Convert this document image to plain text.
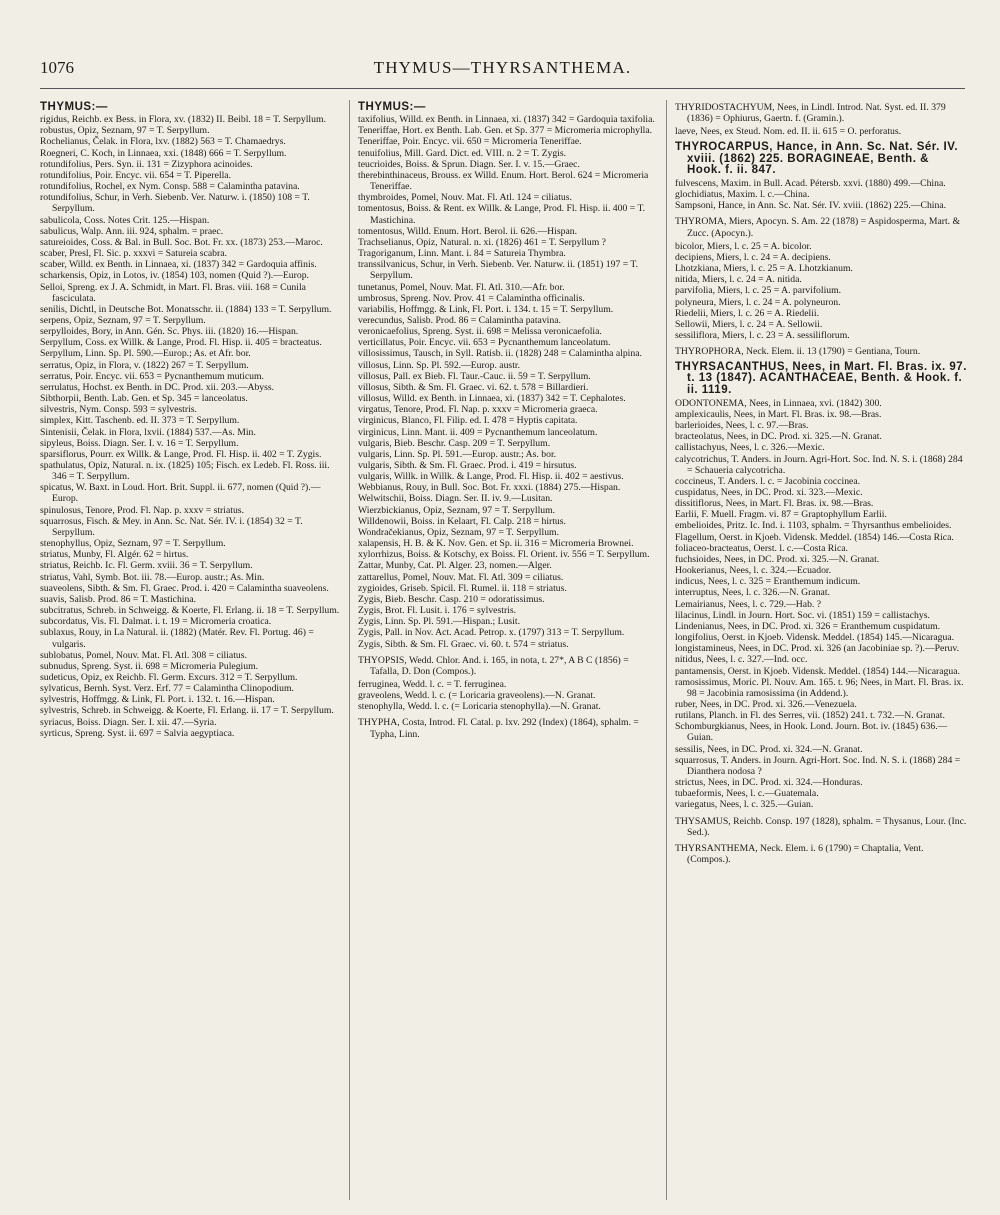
1076	THYMUS—THYRSANTHEMA.
THYMUS:—

rigidus, Reichb. ex Bess. in Flora, xv. (1832) II. Beibl. 18 = T. Serpyllum.

robustus, Opiz, Seznam, 97 = T. Serpyllum.

Rochelianus, Čelak. in Flora, lxv. (1882) 563 = T. Chamaedrys.

Roegneri, C. Koch, in Linnaea, xxi. (1848) 666 = T. Serpyllum.

rotundifolius, Pers. Syn. ii. 131 = Zizyphora acinoides.

rotundifolius, Poir. Encyc. vii. 654 = T. Piperella.

rotundifolius, Rochel, ex Nym. Consp. 588 = Calamintha patavina.

rotundifolius, Schur, in Verh. Siebenb. Ver. Naturw. i. (1850) 108 = T. Serpyllum.

sabulicola, Coss. Notes Crit. 125.—Hispan.

sabulicus, Walp. Ann. iii. 924, sphalm. = praec.

satureioides, Coss. & Bal. in Bull. Soc. Bot. Fr. xx. (1873) 253.—Maroc.

scaber, Presl, Fl. Sic. p. xxxvi = Satureia scabra.

scaber, Willd. ex Benth. in Linnaea, xi. (1837) 342 = Gardoquia affinis.

scharkensis, Opiz, in Lotos, iv. (1854) 103, nomen (Quid ?).—Europ.

Selloi, Spreng. ex J. A. Schmidt, in Mart. Fl. Bras. viii. 168 = Cunila fasciculata.

senilis, Dichtl, in Deutsche Bot. Monatsschr. ii. (1884) 133 = T. Serpyllum.

serpens, Opiz, Seznam, 97 = T. Serpyllum.

serpylloides, Bory, in Ann. Gén. Sc. Phys. iii. (1820) 16.—Hispan.

Serpyllum, Coss. ex Willk. & Lange, Prod. Fl. Hisp. ii. 405 = bracteatus.

Serpyllum, Linn. Sp. Pl. 590.—Europ.; As. et Afr. bor.

serratus, Opiz, in Flora, v. (1822) 267 = T. Serpyllum.

serratus, Poir. Encyc. vii. 653 = Pycnanthemum muticum.

serrulatus, Hochst. ex Benth. in DC. Prod. xii. 203.—Abyss.

Sibthorpii, Benth. Lab. Gen. et Sp. 345 = lanceolatus.

silvestris, Nym. Consp. 593 = sylvestris.

simplex, Kitt. Taschenb. ed. II. 373 = T. Serpyllum.

Sintenisii, Čelak. in Flora, lxvii. (1884) 537.—As. Min.

sipyleus, Boiss. Diagn. Ser. I. v. 16 = T. Serpyllum.

sparsiflorus, Pourr. ex Willk. & Lange, Prod. Fl. Hisp. ii. 402 = T. Zygis.

spathulatus, Opiz, Natural. n. ix. (1825) 105; Fisch. ex Ledeb. Fl. Ross. iii. 346 = T. Serpyllum.

spicatus, W. Baxt. in Loud. Hort. Brit. Suppl. ii. 677, nomen (Quid ?).—Europ.

spinulosus, Tenore, Prod. Fl. Nap. p. xxxv = striatus.

squarrosus, Fisch. & Mey. in Ann. Sc. Nat. Sér. IV. i. (1854) 32 = T. Serpyllum.

stenophyllus, Opiz, Seznam, 97 = T. Serpyllum.

striatus, Munby, Fl. Algér. 62 = hirtus.

striatus, Reichb. Ic. Fl. Germ. xviii. 36 = T. Serpyllum.

striatus, Vahl, Symb. Bot. iii. 78.—Europ. austr.; As. Min.

suaveolens, Sibth. & Sm. Fl. Graec. Prod. i. 420 = Calamintha suaveolens.

suavis, Salisb. Prod. 86 = T. Mastichina.

subcitratus, Schreb. in Schweigg. & Koerte, Fl. Erlang. ii. 18 = T. Serpyllum.

subcordatus, Vis. Fl. Dalmat. i. t. 19 = Micromeria croatica.

sublaxus, Rouy, in La Natural. ii. (1882) (Matér. Rev. Fl. Portug. 46) = vulgaris.

sublobatus, Pomel, Nouv. Mat. Fl. Atl. 308 = ciliatus.

subnudus, Spreng. Syst. ii. 698 = Micromeria Pulegium.

sudeticus, Opiz, ex Reichb. Fl. Germ. Excurs. 312 = T. Serpyllum.

sylvaticus, Bernh. Syst. Verz. Erf. 77 = Calamintha Clinopodium.

sylvestris, Hoffmgg. & Link, Fl. Port. i. 132. t. 16.—Hispan.

sylvestris, Schreb. in Schweigg. & Koerte, Fl. Erlang. ii. 17 = T. Serpyllum.

syriacus, Boiss. Diagn. Ser. I. xii. 47.—Syria.

syrticus, Spreng. Syst. ii. 697 = Salvia aegyptiaca.

THYMUS:—

taxifolius, Willd. ex Benth. in Linnaea, xi. (1837) 342 = Gardoquia taxifolia.

Teneriffae, Hort. ex Benth. Lab. Gen. et Sp. 377 = Micromeria microphylla.

Teneriffae, Poir. Encyc. vii. 650 = Micromeria Teneriffae.

tenuifolius, Mill. Gard. Dict. ed. VIII. n. 2 = T. Zygis.

teucrioides, Boiss. & Sprun. Diagn. Ser. I. v. 15.—Graec.

therebinthinaceus, Brouss. ex Willd. Enum. Hort. Berol. 624 = Micromeria Teneriffae.

thymbroides, Pomel, Nouv. Mat. Fl. Atl. 124 = ciliatus.

tomentosus, Boiss. & Rent. ex Willk. & Lange, Prod. Fl. Hisp. ii. 400 = T. Mastichina.

tomentosus, Willd. Enum. Hort. Berol. ii. 626.—Hispan.

Trachselianus, Opiz, Natural. n. xi. (1826) 461 = T. Serpyllum ?

Tragoriganum, Linn. Mant. i. 84 = Satureia Thymbra.

transsilvanicus, Schur, in Verh. Siebenb. Ver. Naturw. ii. (1851) 197 = T. Serpyllum.

tunetanus, Pomel, Nouv. Mat. Fl. Atl. 310.—Afr. bor.

umbrosus, Spreng. Nov. Prov. 41 = Calamintha officinalis.

variabilis, Hoffmgg. & Link, Fl. Port. i. 134. t. 15 = T. Serpyllum.

verecundus, Salisb. Prod. 86 = Calamintha patavina.

veronicaefolius, Spreng. Syst. ii. 698 = Melissa veronicaefolia.

verticillatus, Poir. Encyc. vii. 653 = Pycnanthemum lanceolatum.

villosissimus, Tausch, in Syll. Ratisb. ii. (1828) 248 = Calamintha alpina.

villosus, Linn. Sp. Pl. 592.—Europ. austr.

villosus, Pall. ex Bieb. Fl. Taur.-Cauc. ii. 59 = T. Serpyllum.

villosus, Sibth. & Sm. Fl. Graec. vi. 62. t. 578 = Billardieri.

villosus, Willd. ex Benth. in Linnaea, xi. (1837) 342 = T. Cephalotes.

virgatus, Tenore, Prod. Fl. Nap. p. xxxv = Micromeria graeca.

virginicus, Blanco, Fl. Filip. ed. I. 478 = Hyptis capitata.

virginicus, Linn. Mant. ii. 409 = Pycnanthemum lanceolatum.

vulgaris, Bieb. Beschr. Casp. 209 = T. Serpyllum.

vulgaris, Linn. Sp. Pl. 591.—Europ. austr.; As. bor.

vulgaris, Sibth. & Sm. Fl. Graec. Prod. i. 419 = hirsutus.

vulgaris, Willk. in Willk. & Lange, Prod. Fl. Hisp. ii. 402 = aestivus.

Webbianus, Rouy, in Bull. Soc. Bot. Fr. xxxi. (1884) 275.—Hispan.

Welwitschii, Boiss. Diagn. Ser. II. iv. 9.—Lusitan.

Wierzbickianus, Opiz, Seznam, 97 = T. Serpyllum.

Willdenowii, Boiss. in Kelaart, Fl. Calp. 218 = hirtus.

Wondračekianus, Opiz, Seznam, 97 = T. Serpyllum.

xalapensis, H. B. & K. Nov. Gen. et Sp. ii. 316 = Micromeria Brownei.

xylorrhizus, Boiss. & Kotschy, ex Boiss. Fl. Orient. iv. 556 = T. Serpyllum.

Zattar, Munby, Cat. Pl. Alger. 23, nomen.—Alger.

zattarellus, Pomel, Nouv. Mat. Fl. Atl. 309 = ciliatus.

zygioides, Griseb. Spicil. Fl. Rumel. ii. 118 = striatus.

Zygis, Bieb. Beschr. Casp. 210 = odoratissimus.

Zygis, Brot. Fl. Lusit. i. 176 = sylvestris.

Zygis, Linn. Sp. Pl. 591.—Hispan.; Lusit.

Zygis, Pall. in Nov. Act. Acad. Petrop. x. (1797) 313 = T. Serpyllum.

Zygis, Sibth. & Sm. Fl. Graec. vi. 60. t. 574 = striatus.

THYOPSIS, Wedd. Chlor. And. i. 165, in nota, t. 27*, A B C (1856) = Tafalla, D. Don (Compos.).

ferruginea, Wedd. l. c. = T. ferruginea.

graveolens, Wedd. l. c. (= Loricaria graveolens).—N. Granat.

stenophylla, Wedd. l. c. (= Loricaria stenophylla).—N. Granat.

THYPHA, Costa, Introd. Fl. Catal. p. lxv. 292 (Index) (1864), sphalm. = Typha, Linn.

THYRIDOSTACHYUM, Nees, in Lindl. Introd. Nat. Syst. ed. II. 379 (1836) = Ophiurus, Gaertn. f. (Gramin.).

laeve, Nees, ex Steud. Nom. ed. II. ii. 615 = O. perforatus.

THYROCARPUS, Hance, in Ann. Sc. Nat. Sér. IV. xviii. (1862) 225. BORAGINEAE, Benth. & Hook. f. ii. 847.

fulvescens, Maxim. in Bull. Acad. Pétersb. xxvi. (1880) 499.—China.

glochidiatus, Maxim. l. c.—China.

Sampsoni, Hance, in Ann. Sc. Nat. Sér. IV. xviii. (1862) 225.—China.

THYROMA, Miers, Apocyn. S. Am. 22 (1878) = Aspidosperma, Mart. & Zucc. (Apocyn.).

bicolor, Miers, l. c. 25 = A. bicolor.

decipiens, Miers, l. c. 24 = A. decipiens.

Lhotzkiana, Miers, l. c. 25 = A. Lhotzkianum.

nitida, Miers, l. c. 24 = A. nitida.

parvifolia, Miers, l. c. 25 = A. parvifolium.

polyneura, Miers, l. c. 24 = A. polyneuron.

Riedelii, Miers, l. c. 26 = A. Riedelii.

Sellowii, Miers, l. c. 24 = A. Sellowii.

sessiliflora, Miers, l. c. 23 = A. sessiliflorum.

THYROPHORA, Neck. Elem. ii. 13 (1790) = Gentiana, Tourn.

THYRSACANTHUS, Nees, in Mart. Fl. Bras. ix. 97. t. 13 (1847). ACANTHACEAE, Benth. & Hook. f. ii. 1119.

ODONTONEMA, Nees, in Linnaea, xvi. (1842) 300.

amplexicaulis, Nees, in Mart. Fl. Bras. ix. 98.—Bras.

barlerioides, Nees, l. c. 97.—Bras.

bracteolatus, Nees, in DC. Prod. xi. 325.—N. Granat.

callistachyus, Nees, l. c. 326.—Mexic.

calycotrichus, T. Anders. in Journ. Agri-Hort. Soc. Ind. N. S. i. (1868) 284 = Schaueria calycotricha.

coccineus, T. Anders. l. c. = Jacobinia coccinea.

cuspidatus, Nees, in DC. Prod. xi. 323.—Mexic.

dissitiflorus, Nees, in Mart. Fl. Bras. ix. 98.—Bras.

Earlii, F. Muell. Fragm. vi. 87 = Graptophyllum Earlii.

embelioides, Pritz. Ic. Ind. i. 1103, sphalm. = Thyrsanthus embelioides.

Flagellum, Oerst. in Kjoeb. Vidensk. Meddel. (1854) 146.—Costa Rica.

foliaceo-bracteatus, Oerst. l. c.—Costa Rica.

fuchsioides, Nees, in DC. Prod. xi. 325.—N. Granat.

Hookerianus, Nees, l. c. 324.—Ecuador.

indicus, Nees, l. c. 325 = Eranthemum indicum.

interruptus, Nees, l. c. 326.—N. Granat.

Lemairianus, Nees, l. c. 729.—Hab. ?

lilacinus, Lindl. in Journ. Hort. Soc. vi. (1851) 159 = callistachys.

Lindenianus, Nees, in DC. Prod. xi. 326 = Eranthemum cuspidatum.

longifolius, Oerst. in Kjoeb. Vidensk. Meddel. (1854) 145.—Nicaragua.

longistamineus, Nees, in DC. Prod. xi. 326 (an Jacobiniae sp. ?).—Peruv.

nitidus, Nees, l. c. 327.—Ind. occ.

pantamensis, Oerst. in Kjoeb. Vidensk. Meddel. (1854) 144.—Nicaragua.

ramosissimus, Moric. Pl. Nouv. Am. 165. t. 96; Nees, in Mart. Fl. Bras. ix. 98 = Jacobinia ramosissima (in Addend.).

ruber, Nees, in DC. Prod. xi. 326.—Venezuela.

rutilans, Planch. in Fl. des Serres, vii. (1852) 241. t. 732.—N. Granat.

Schomburgkianus, Nees, in Hook. Lond. Journ. Bot. iv. (1845) 636.—Guian.

sessilis, Nees, in DC. Prod. xi. 324.—N. Granat.

squarrosus, T. Anders. in Journ. Agri-Hort. Soc. Ind. N. S. i. (1868) 284 = Dianthera nodosa ?

strictus, Nees, in DC. Prod. xi. 324.—Honduras.

tubaeformis, Nees, l. c.—Guatemala.

variegatus, Nees, l. c. 325.—Guian.

THYSAMUS, Reichb. Consp. 197 (1828), sphalm. = Thysanus, Lour. (Inc. Sed.).

THYRSANTHEMA, Neck. Elem. i. 6 (1790) = Chaptalia, Vent. (Compos.).
